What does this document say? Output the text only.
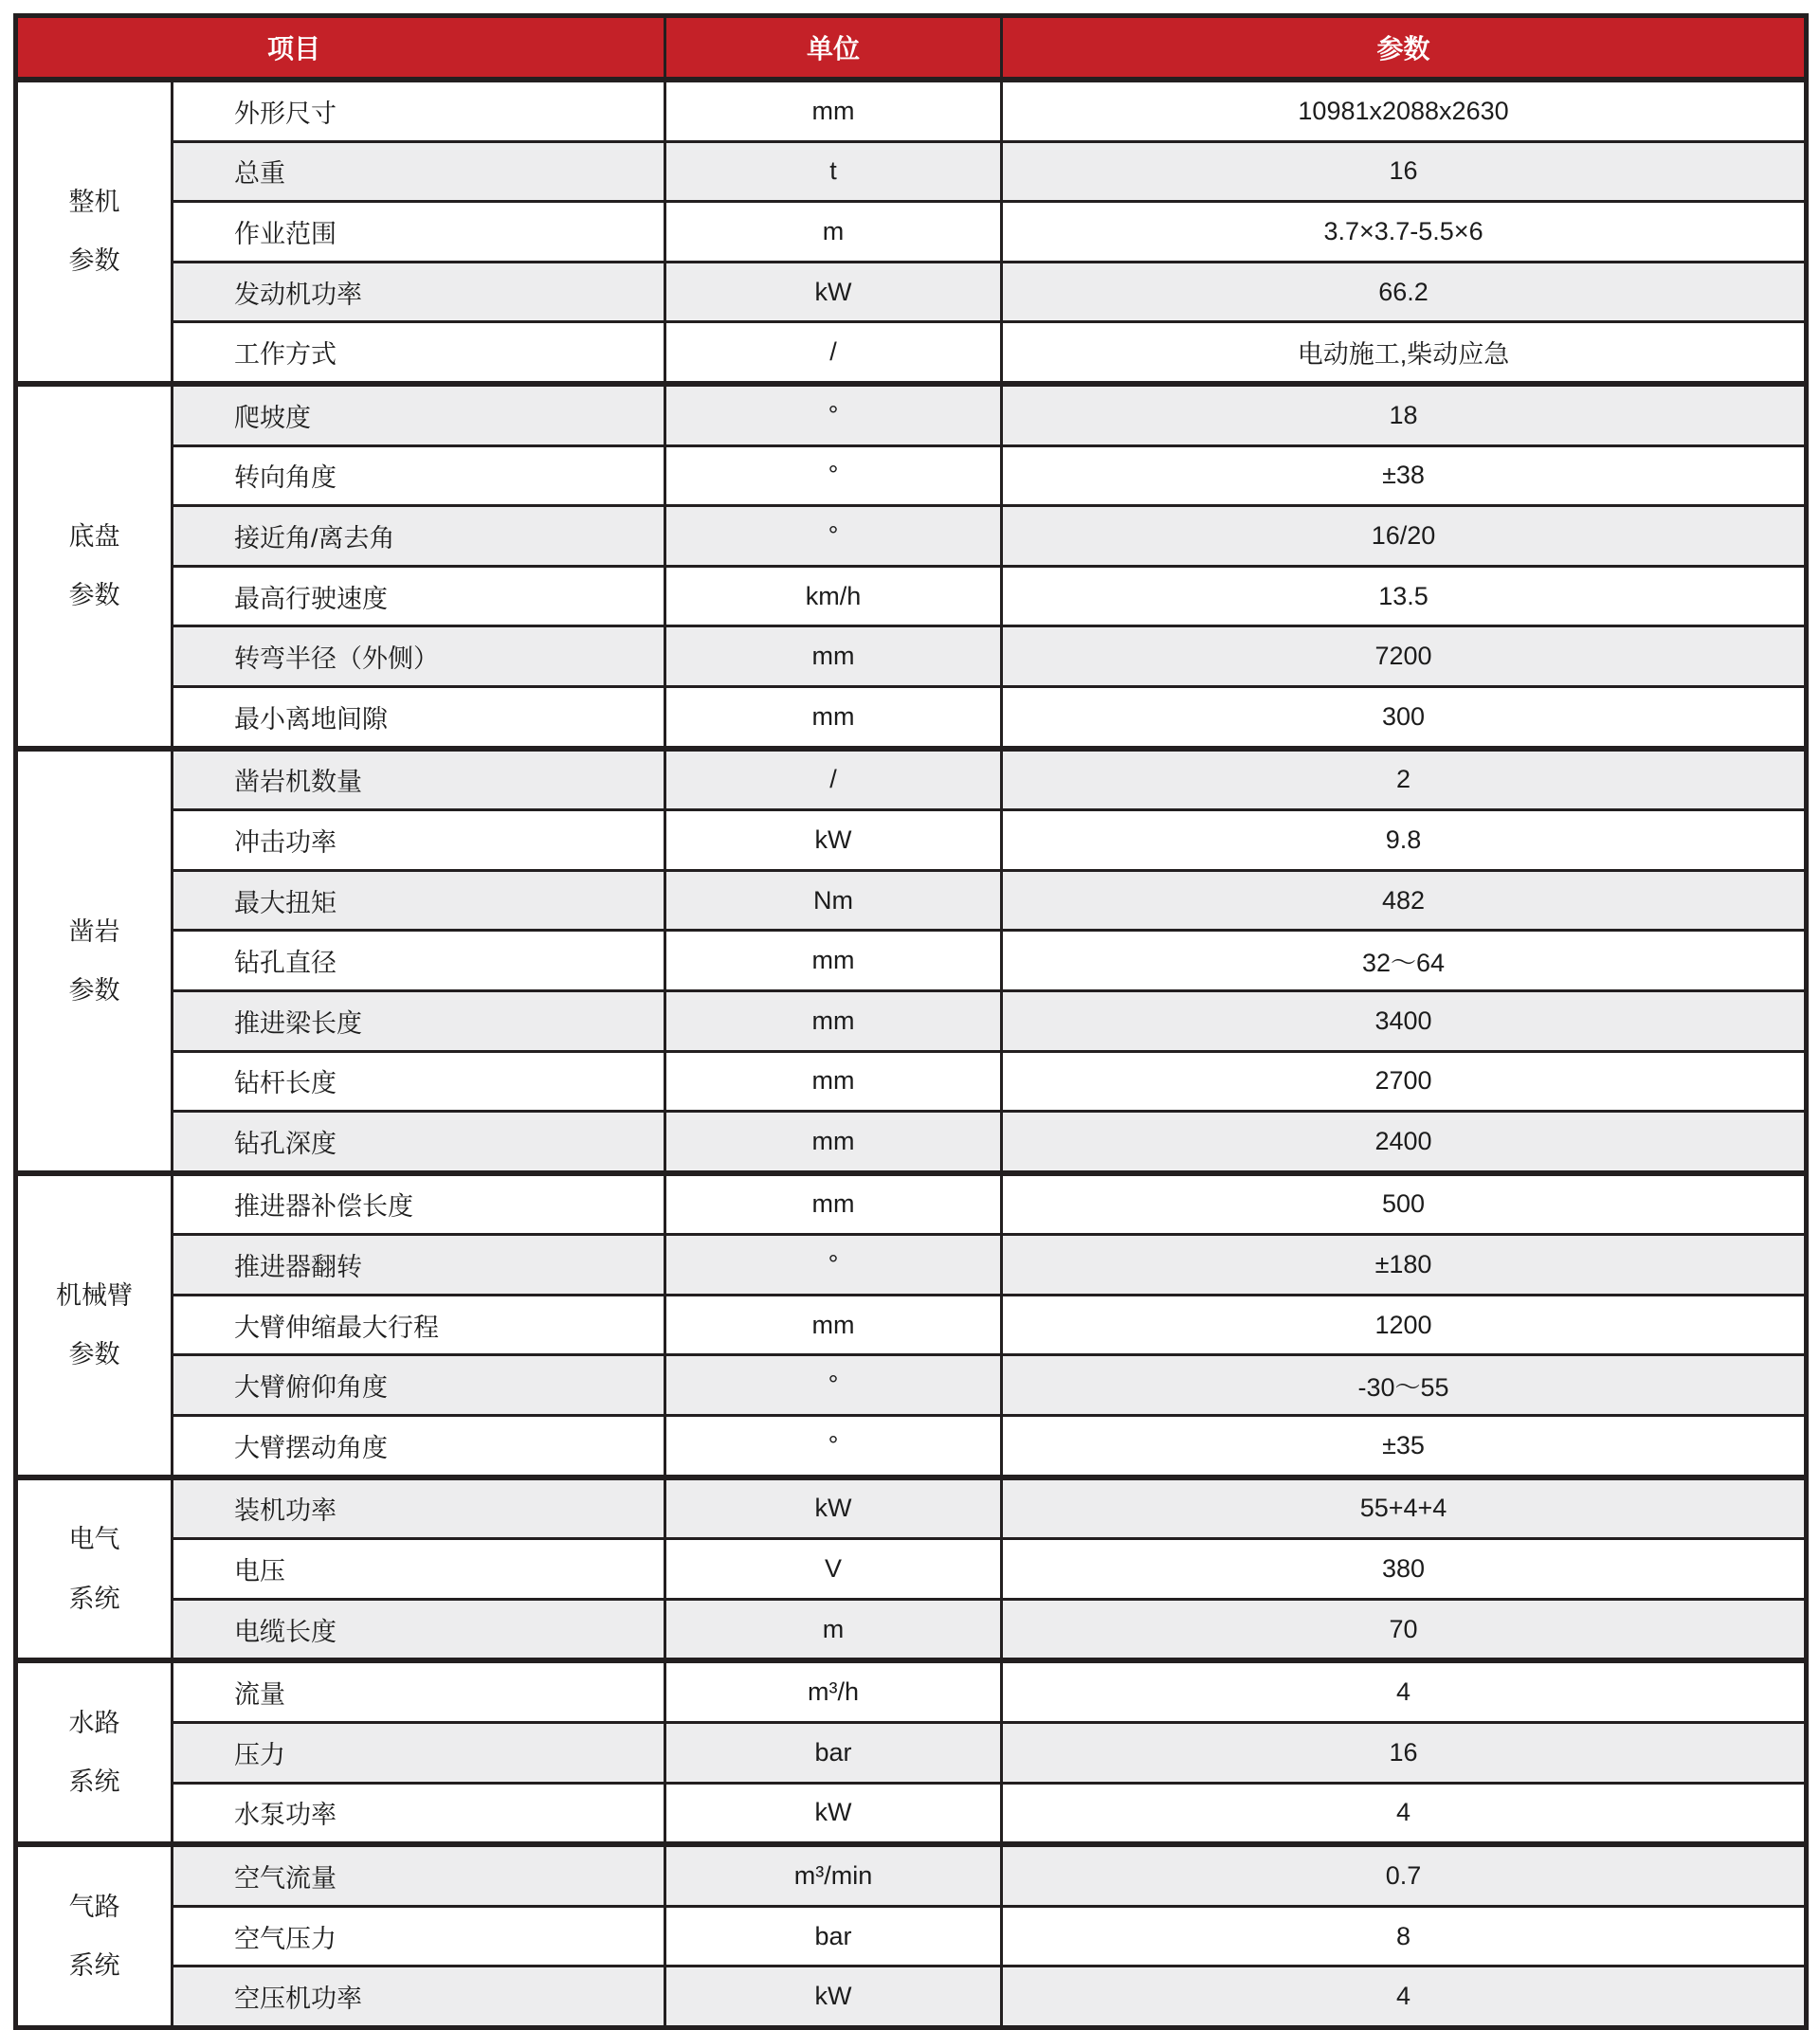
项目		单位	参数

整机
参数	外形尺寸	mm	10981x2088x2630
	总重	t	16
	作业范围	m	3.7×3.7-5.5×6
	发动机功率	kW	66.2
	工作方式	/	电动施工,柴动应急

底盘
参数	爬坡度	°	18
	转向角度	°	±38
	接近角/离去角	°	16/20
	最高行驶速度	km/h	13.5
	转弯半径（外侧）	mm	7200
	最小离地间隙	mm	300

凿岩
参数	凿岩机数量	/	2
	冲击功率	kW	9.8
	最大扭矩	Nm	482
	钻孔直径	mm	32～64
	推进梁长度	mm	3400
	钻杆长度	mm	2700
	钻孔深度	mm	2400

机械臂
参数	推进器补偿长度	mm	500
	推进器翻转	°	±180
	大臂伸缩最大行程	mm	1200
	大臂俯仰角度	°	-30～55
	大臂摆动角度	°	±35

电气
系统	装机功率	kW	55+4+4
	电压	V	380
	电缆长度	m	70

水路
系统	流量	m³/h	4
	压力	bar	16
	水泵功率	kW	4

气路
系统	空气流量	m³/min	0.7
	空气压力	bar	8
	空压机功率	kW	4
